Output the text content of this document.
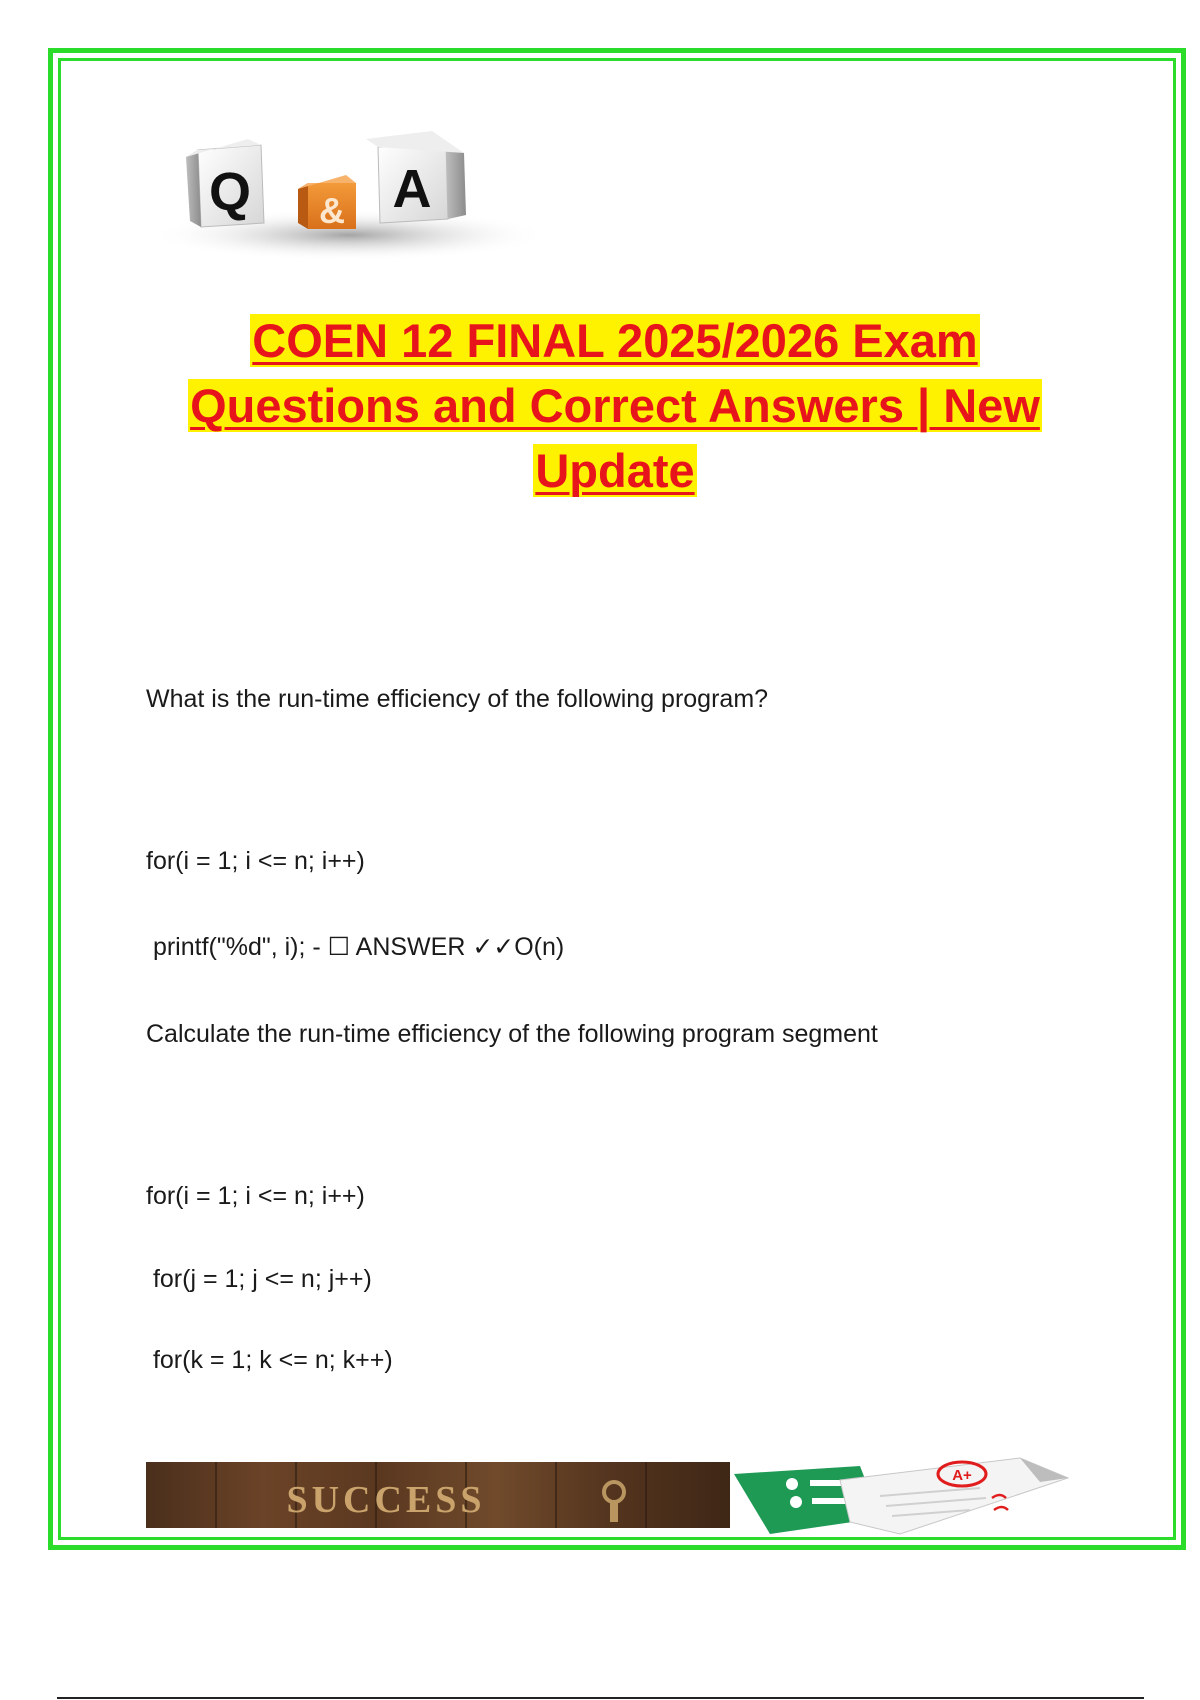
Q & A
COEN 12 FINAL 2025/2026 Exam
Questions and Correct Answers | New
Update
What is the run-time efficiency of the following program?
for(i = 1; i <= n; i++)
printf("%d", i); - ☐ ANSWER ✓✓O(n)
Calculate the run-time efficiency of the following program segment
for(i = 1; i <= n; i++)
for(j = 1; j <= n; j++)
for(k = 1; k <= n; k++)
SUCCESS
A+
